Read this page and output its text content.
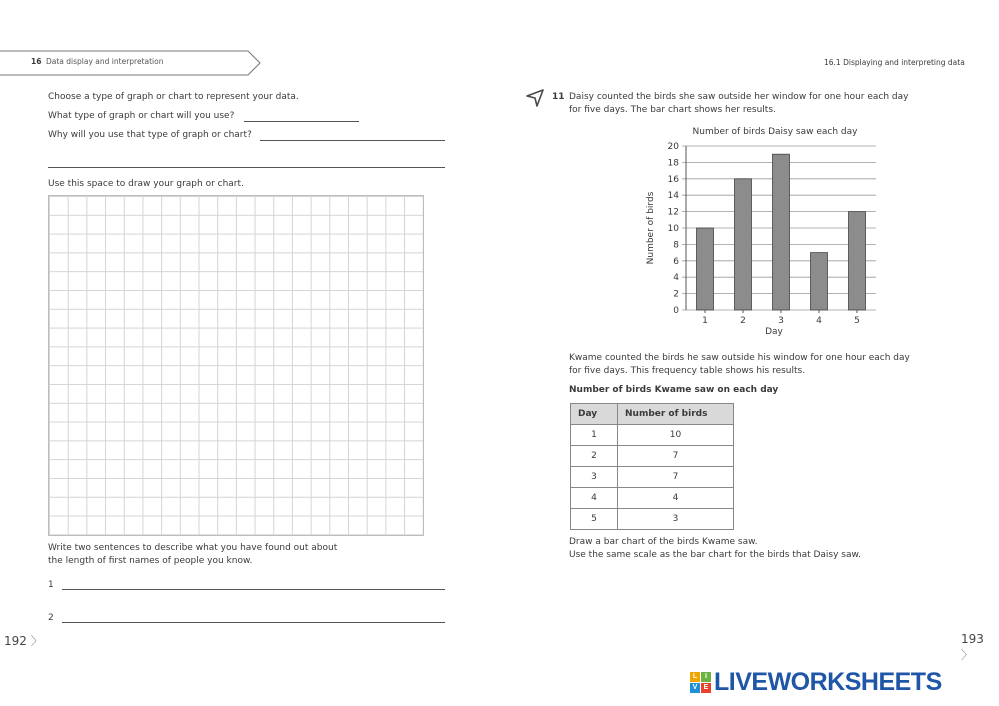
16 Data display and interpretation
Choose a type of graph or chart to represent your data.
What type of graph or chart will you use?
Why will you use that type of graph or chart?
Use this space to draw your graph or chart.
Write two sentences to describe what you have found out about
the length of first names of people you know.
1
2
192 〉
16.1 Displaying and interpreting data
11 Daisy counted the birds she saw outside her window for one hour each day
for five days. The bar chart shows her results.
Number of birds Daisy saw each day
0
2
4
6
8
10
12
14
16
18
20
1	2	3	4	5
Day
Number of birds
Kwame counted the birds he saw outside his window for one hour each day
for five days. This frequency table shows his results.
Number of birds Kwame saw on each day
Day	Number of birds
1	10
2	7
3	7
4	4
5	3
Draw a bar chart of the birds Kwame saw.
Use the same scale as the bar chart for the birds that Daisy saw.
193 〉
L	I
V E LIVEWORKSHEETS
